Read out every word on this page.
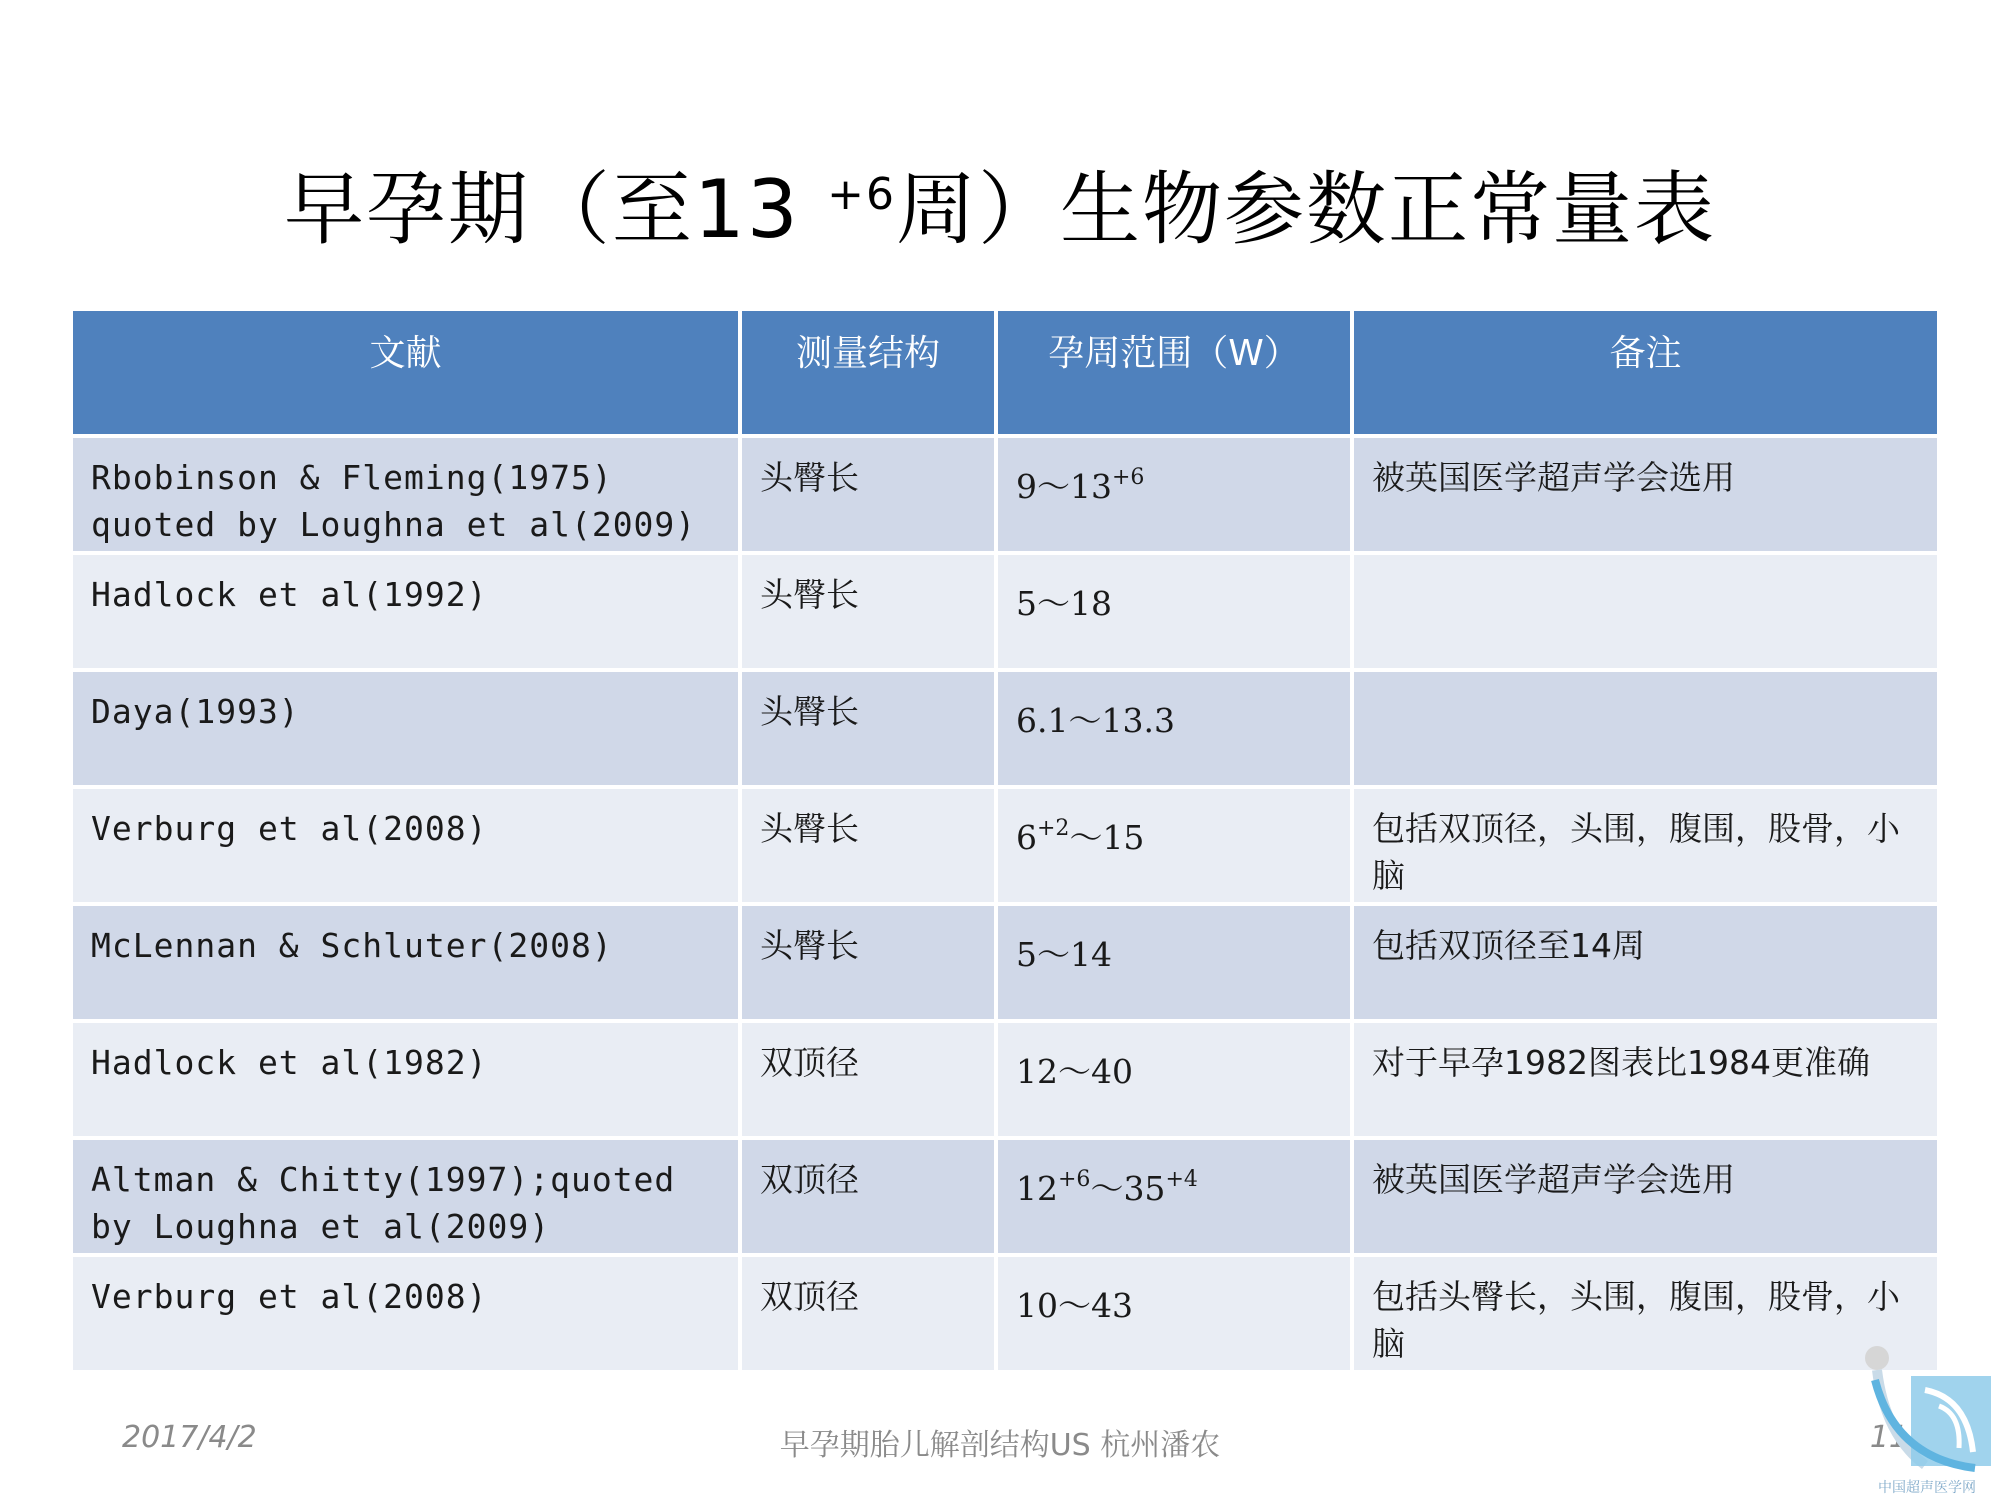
早孕期（至13 $^{+6}$周）生物参数正常量表
文献	测量结构	孕周范围（W）	备注
Rbobinson & Fleming(1975) quoted by Loughna et al(2009)	头臀长	$9\sim 13^{+6}$	被英国医学超声学会选用
Hadlock et al(1992)	头臀长	5～18	
Daya(1993)	头臀长	6.1～13.3	
Verburg et al(2008)	头臀长	$6^{+2}\sim 15$	包括双顶径，头围，腹围，股骨，小脑
McLennan & Schluter(2008)	头臀长	5～14	包括双顶径至14周
Hadlock et al(1982)	双顶径	12～40	对于早孕1982图表比1984更准确
Altman & Chitty(1997);quoted by Loughna et al(2009)	双顶径	$12^{+6}\sim 35^{+4}$	被英国医学超声学会选用
Verburg et al(2008)	双顶径	10～43	包括头臀长，头围，腹围，股骨，小脑
2017/4/2	早孕期胎儿解剖结构US 杭州潘农	11
中国超声医学网
